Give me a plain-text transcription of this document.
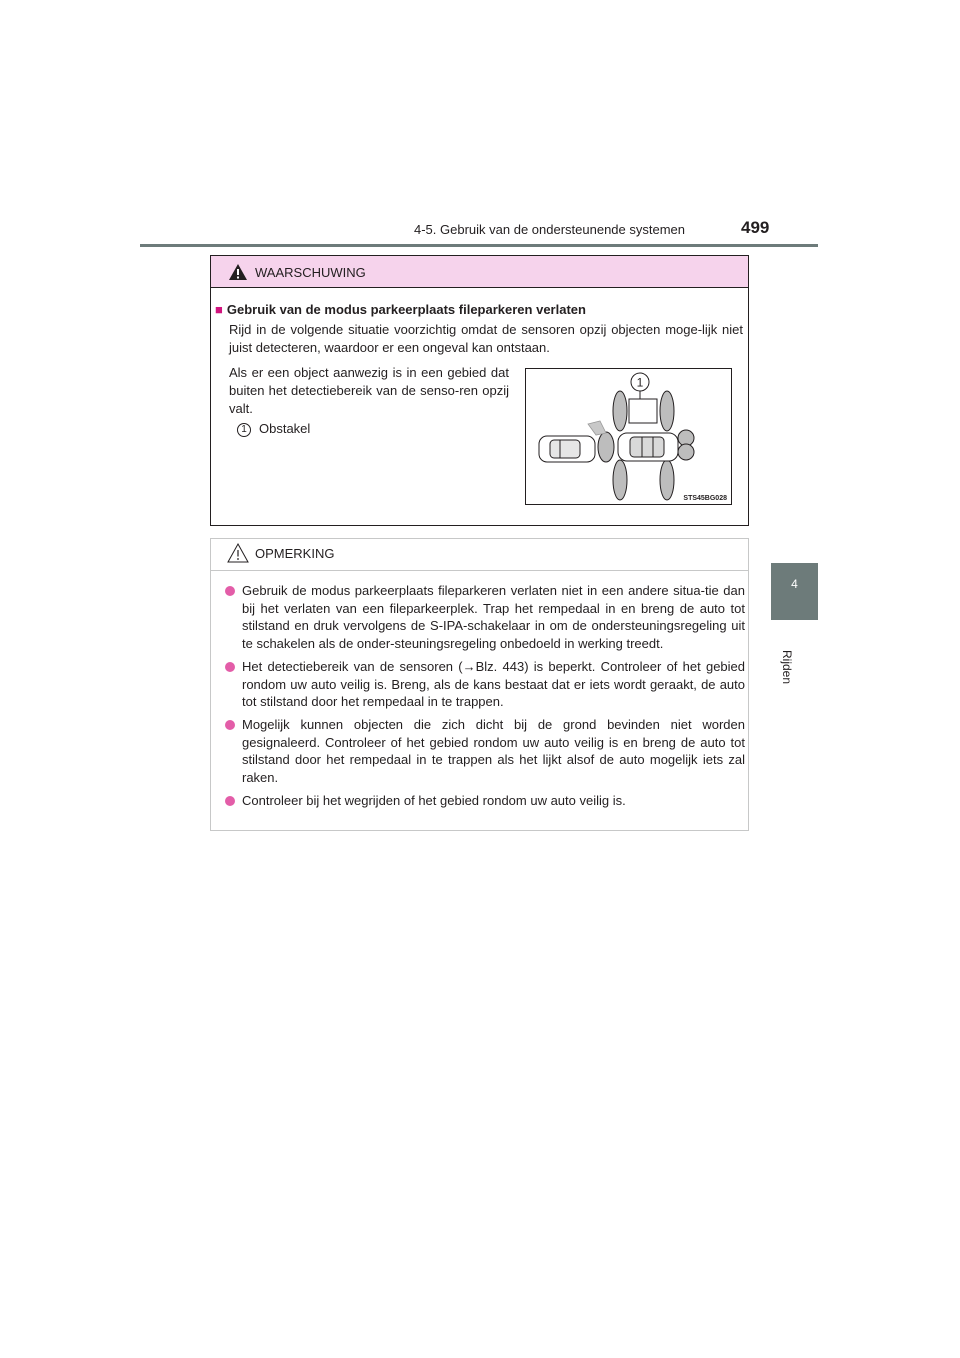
4-5. Gebruik van de ondersteunende systemen	499
4
Rijden
WAARSCHUWING
■ Gebruik van de modus parkeerplaats fileparkeren verlaten
Rijd in de volgende situatie voorzichtig omdat de sensoren opzij objecten moge-lijk niet juist detecteren, waardoor er een ongeval kan ontstaan.
Als er een object aanwezig is in een gebied dat buiten het detectiebereik van de senso-ren opzij valt.
1 Obstakel
1
STS45BG028
OPMERKING
Gebruik de modus parkeerplaats fileparkeren verlaten niet in een andere situa-tie dan bij het verlaten van een fileparkeerplek. Trap het rempedaal in en breng de auto tot stilstand en druk vervolgens de S-IPA-schakelaar in om de ondersteuningsregeling uit te schakelen als de onder-steuningsregeling onbedoeld in werking treedt.
Het detectiebereik van de sensoren (→Blz. 443) is beperkt. Controleer of het gebied rondom uw auto veilig is. Breng, als de kans bestaat dat er iets wordt geraakt, de auto tot stilstand door het rempedaal in te trappen.
Mogelijk kunnen objecten die zich dicht bij de grond bevinden niet worden gesignaleerd. Controleer of het gebied rondom uw auto veilig is en breng de auto tot stilstand door het rempedaal in te trappen als het lijkt alsof de auto mogelijk iets zal raken.
Controleer bij het wegrijden of het gebied rondom uw auto veilig is.
